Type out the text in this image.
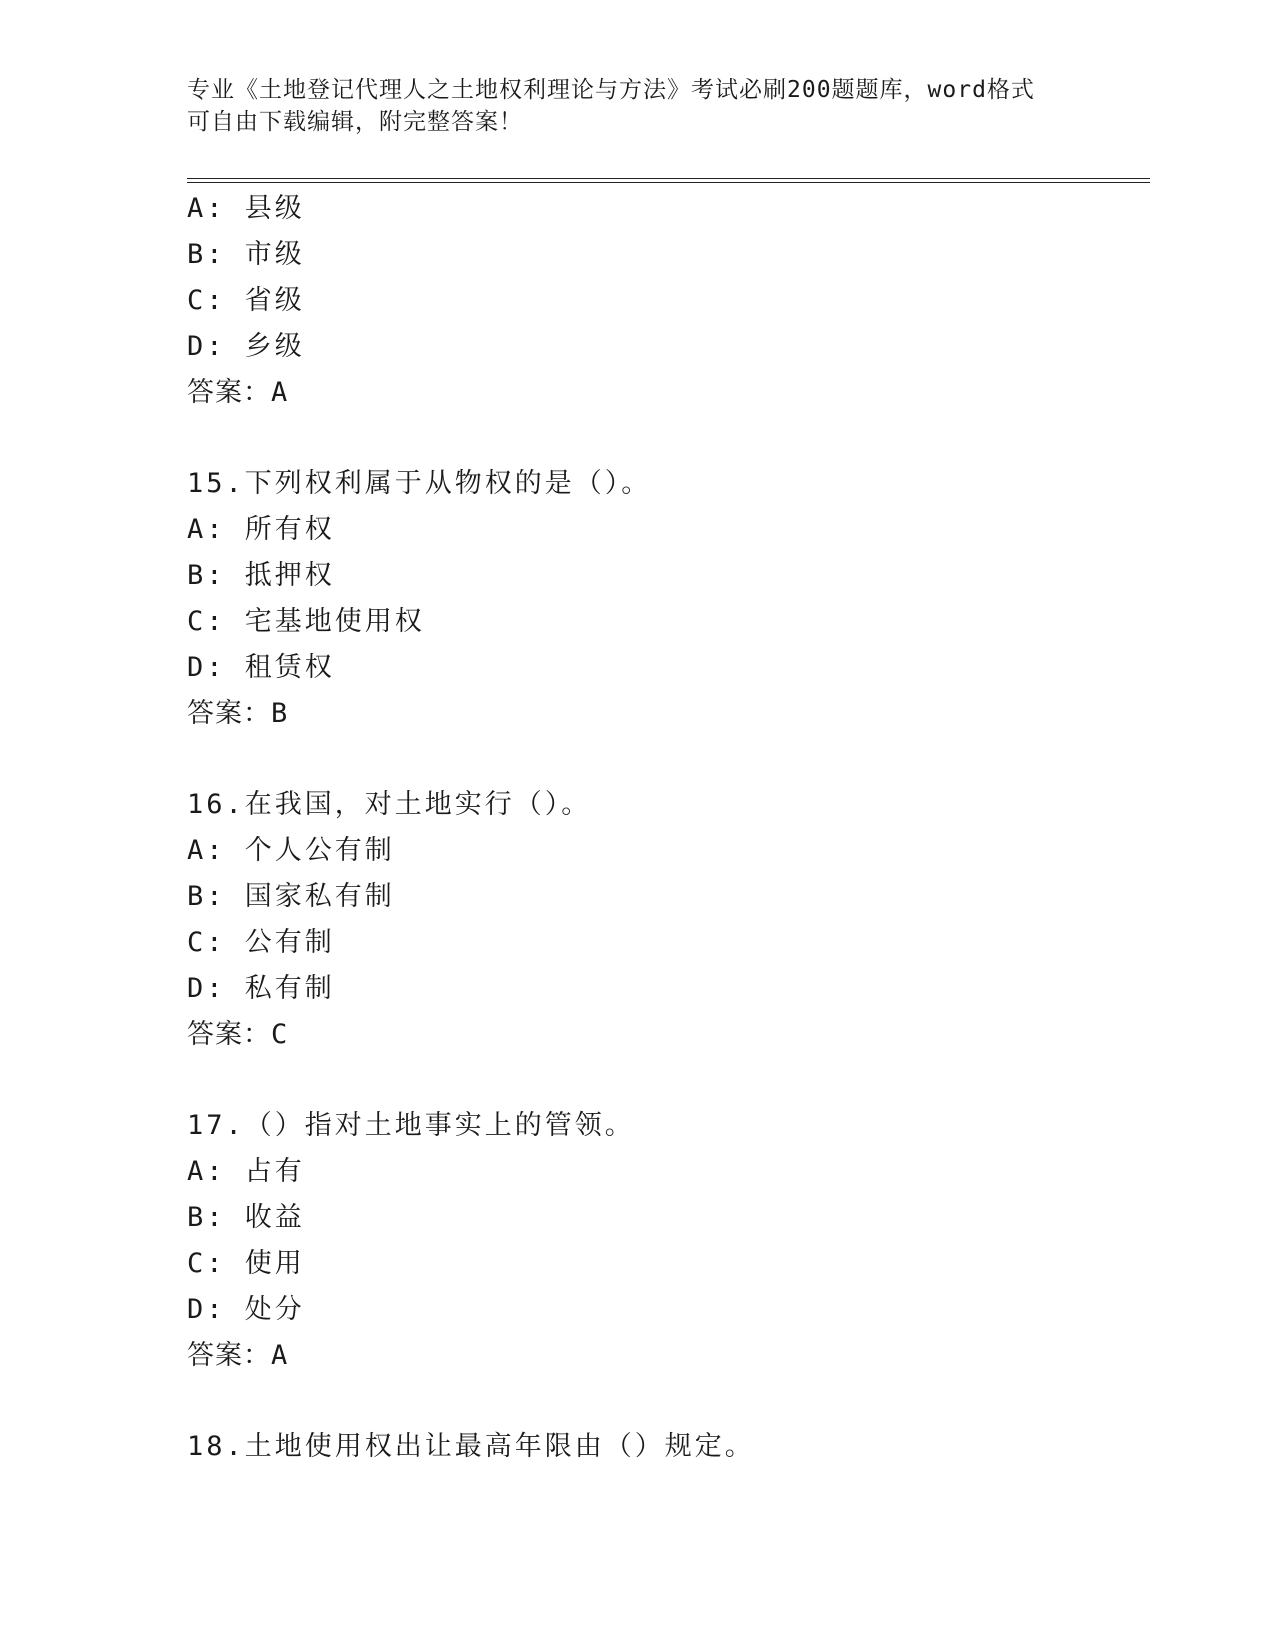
专业《土地登记代理人之土地权利理论与方法》考试必刷200题题库，word格式
可自由下载编辑，附完整答案！
A: 县级
B: 市级
C: 省级
D: 乡级
答案：A
15.下列权利属于从物权的是（）。
A: 所有权
B: 抵押权
C: 宅基地使用权
D: 租赁权
答案：B
16.在我国，对土地实行（）。
A: 个人公有制
B: 国家私有制
C: 公有制
D: 私有制
答案：C
17.（）指对土地事实上的管领。
A: 占有
B: 收益
C: 使用
D: 处分
答案：A
18.土地使用权出让最高年限由（）规定。
